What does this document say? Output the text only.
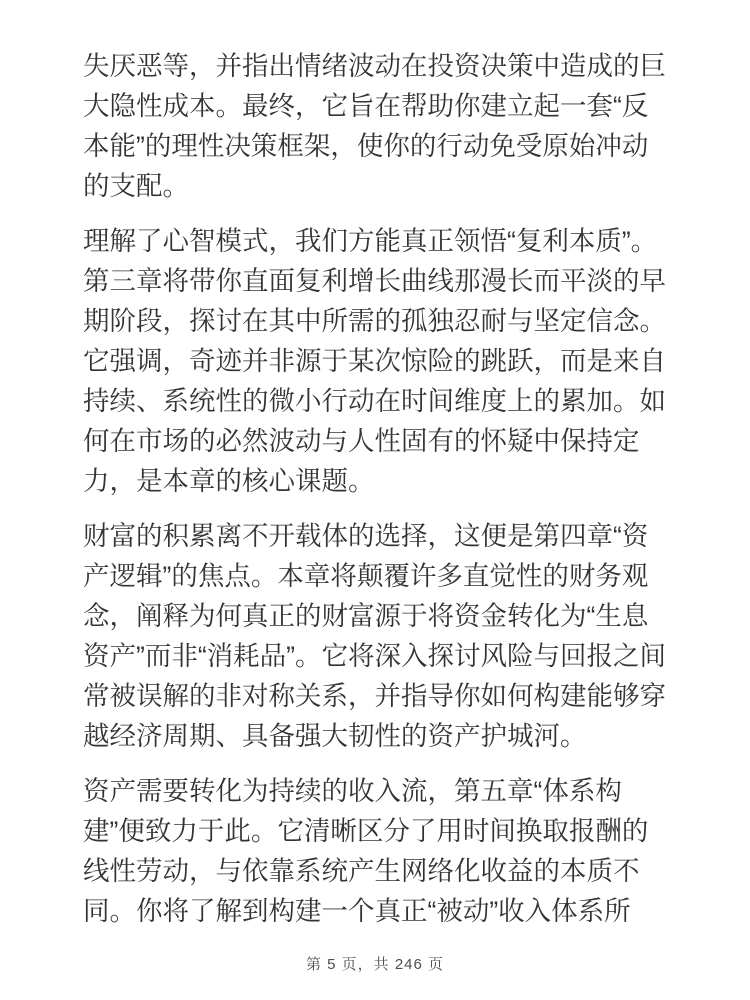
失厌恶等，并指出情绪波动在投资决策中造成的巨大隐性成本。最终，它旨在帮助你建立起一套“反本能”的理性决策框架，使你的行动免受原始冲动的支配。

理解了心智模式，我们方能真正领悟“复利本质”。第三章将带你直面复利增长曲线那漫长而平淡的早期阶段，探讨在其中所需的孤独忍耐与坚定信念。它强调，奇迹并非源于某次惊险的跳跃，而是来自持续、系统性的微小行动在时间维度上的累加。如何在市场的必然波动与人性固有的怀疑中保持定力，是本章的核心课题。

财富的积累离不开载体的选择，这便是第四章“资产逻辑”的焦点。本章将颠覆许多直觉性的财务观念，阐释为何真正的财富源于将资金转化为“生息资产”而非“消耗品”。它将深入探讨风险与回报之间常被误解的非对称关系，并指导你如何构建能够穿越经济周期、具备强大韧性的资产护城河。

资产需要转化为持续的收入流，第五章“体系构建”便致力于此。它清晰区分了用时间换取报酬的线性劳动，与依靠系统产生网络化收益的本质不同。你将了解到构建一个真正“被动”收入体系所

第 5 页，共 246 页
